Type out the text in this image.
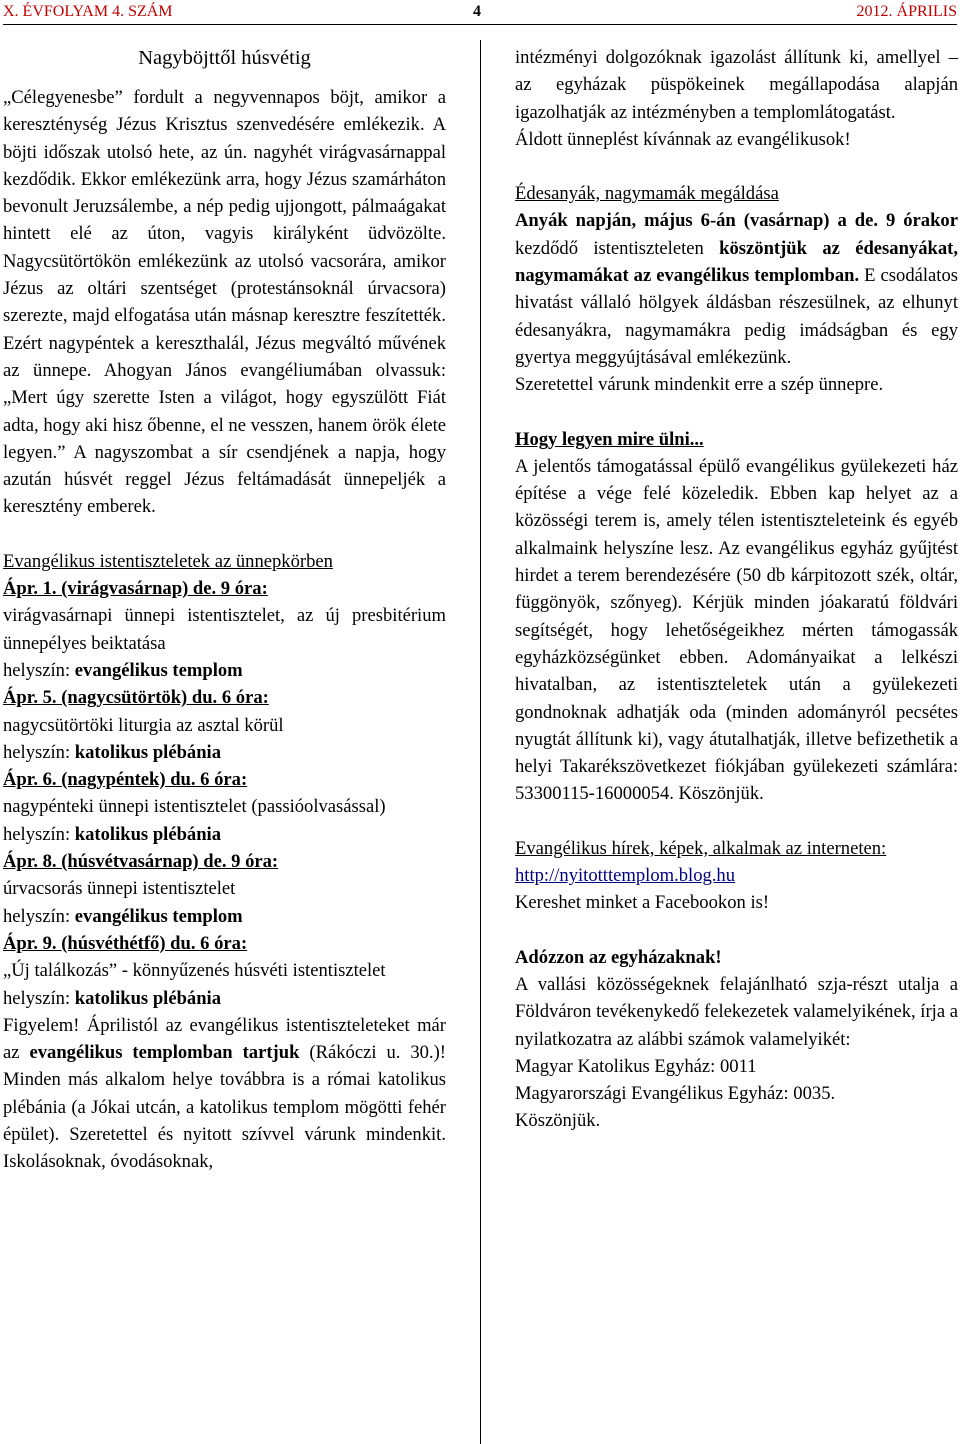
X. ÉVFOLYAM 4. SZÁM	4	2012. ÁPRILIS

Nagyböjttől húsvétig

„Célegyenesbe” fordult a negyvennapos böjt, amikor a kereszténység Jézus Krisztus szenvedésére emlékezik. A böjti időszak utolsó hete, az ún. nagyhét virágvasárnappal kezdődik. Ekkor emlékezünk arra, hogy Jézus szamárháton bevonult Jeruzsálembe, a nép pedig ujjongott, pálmaágakat hintett elé az úton, vagyis királyként üdvözölte. Nagycsütörtökön emlékezünk az utolsó vacsorára, amikor Jézus az oltári szentséget (protestánsoknál úrvacsora) szerezte, majd elfogatása után másnap keresztre feszítették. Ezért nagypéntek a kereszthalál, Jézus megváltó művének az ünnepe. Ahogyan János evangéliumában olvassuk: „Mert úgy szerette Isten a világot, hogy egyszülött Fiát adta, hogy aki hisz őbenne, el ne vesszen, hanem örök élete legyen.” A nagyszombat a sír csendjének a napja, hogy azután húsvét reggel Jézus feltámadását ünnepeljék a keresztény emberek.

Evangélikus istentiszteletek az ünnepkörben

Ápr. 1. (virágvasárnap) de. 9 óra:

virágvasárnapi ünnepi istentisztelet, az új presbitérium ünnepélyes beiktatása

helyszín: evangélikus templom

Ápr. 5. (nagycsütörtök) du. 6 óra:

nagycsütörtöki liturgia az asztal körül

helyszín: katolikus plébánia

Ápr. 6. (nagypéntek) du. 6 óra:

nagypénteki ünnepi istentisztelet (passióolvasással)

helyszín: katolikus plébánia

Ápr. 8. (húsvétvasárnap) de. 9 óra:

úrvacsorás ünnepi istentisztelet

helyszín: evangélikus templom

Ápr. 9. (húsvéthétfő) du. 6 óra:

„Új találkozás” - könnyűzenés húsvéti istentisztelet

helyszín: katolikus plébánia

Figyelem! Áprilistól az evangélikus istentiszteleteket már az evangélikus templomban tartjuk (Rákóczi u. 30.)! Minden más alkalom helye továbbra is a római katolikus plébánia (a Jókai utcán, a katolikus templom mögötti fehér épület). Szeretettel és nyitott szívvel várunk mindenkit. Iskolásoknak, óvodásoknak,

intézményi dolgozóknak igazolást állítunk ki, amellyel – az egyházak püspökeinek megállapodása alapján igazolhatják az intézményben a templomlátogatást.

Áldott ünneplést kívánnak az evangélikusok!

Édesanyák, nagymamák megáldása

Anyák napján, május 6-án (vasárnap) a de. 9 órakor kezdődő istentiszteleten köszöntjük az édesanyákat, nagymamákat az evangélikus templomban. E csodálatos hivatást vállaló hölgyek áldásban részesülnek, az elhunyt édesanyákra, nagymamákra pedig imádságban és egy gyertya meggyújtásával emlékezünk.

Szeretettel várunk mindenkit erre a szép ünnepre.

Hogy legyen mire ülni...

A jelentős támogatással épülő evangélikus gyülekezeti ház építése a vége felé közeledik. Ebben kap helyet az a közösségi terem is, amely télen istentiszteleteink és egyéb alkalmaink helyszíne lesz. Az evangélikus egyház gyűjtést hirdet a terem berendezésére (50 db kárpitozott szék, oltár, függönyök, szőnyeg). Kérjük minden jóakaratú földvári segítségét, hogy lehetőségeikhez mérten támogassák egyházközségünket ebben. Adományaikat a lelkészi hivatalban, az istentiszteletek után a gyülekezeti gondnoknak adhatják oda (minden adományról pecsétes nyugtát állítunk ki), vagy átutalhatják, illetve befizethetik a helyi Takarékszövetkezet fiókjában gyülekezeti számlára: 53300115-16000054. Köszönjük.

Evangélikus hírek, képek, alkalmak az interneten:

http://nyitotttemplom.blog.hu

Kereshet minket a Facebookon is!

Adózzon az egyházaknak!

A vallási közösségeknek felajánlható szja-részt utalja a Földváron tevékenykedő felekezetek valamelyikének, írja a nyilatkozatra az alábbi számok valamelyikét:

Magyar Katolikus Egyház: 0011

Magyarországi Evangélikus Egyház: 0035.

Köszönjük.
